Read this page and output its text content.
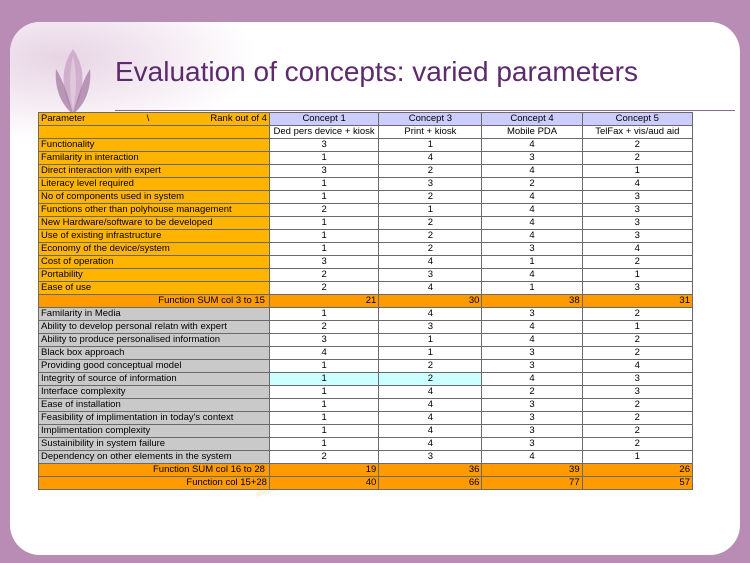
Evaluation of concepts: varied parameters
Parameter \ Rank out of 4	Concept 1	Concept 3	Concept 4	Concept 5
	Ded pers device + kiosk	Print + kiosk	Mobile PDA	TelFax + vis/aud aid
Functionality	3	1	4	2
Familarity in interaction	1	4	3	2
Direct interaction with expert	3	2	4	1
Literacy level required	1	3	2	4
No of components used in system	1	2	4	3
Functions other than polyhouse management	2	1	4	3
New Hardware/software to be developed	1	2	4	3
Use of existing infrastructure	1	2	4	3
Economy of the device/system	1	2	3	4
Cost of operation	3	4	1	2
Portability	2	3	4	1
Ease of use	2	4	1	3
Function SUM col 3 to 15	21	30	38	31
Familarity in Media	1	4	3	2
Ability to develop personal relatn with expert	2	3	4	1
Ability to produce personalised information	3	1	4	2
Black box approach	4	1	3	2
Providing good conceptual model	1	2	3	4
Integrity of source of information	1	2	4	3
Interface complexity	1	4	2	3
Ease of installation	1	4	3	2
Feasibility of implimentation in today's context	1	4	3	2
Implimentation complexity	1	4	3	2
Sustainibility in system failure	1	4	3	2
Dependency on other elements in the system	2	3	4	1
Function SUM col 16 to 28	19	36	39	26
Function col 15+28	40	66	77	57
